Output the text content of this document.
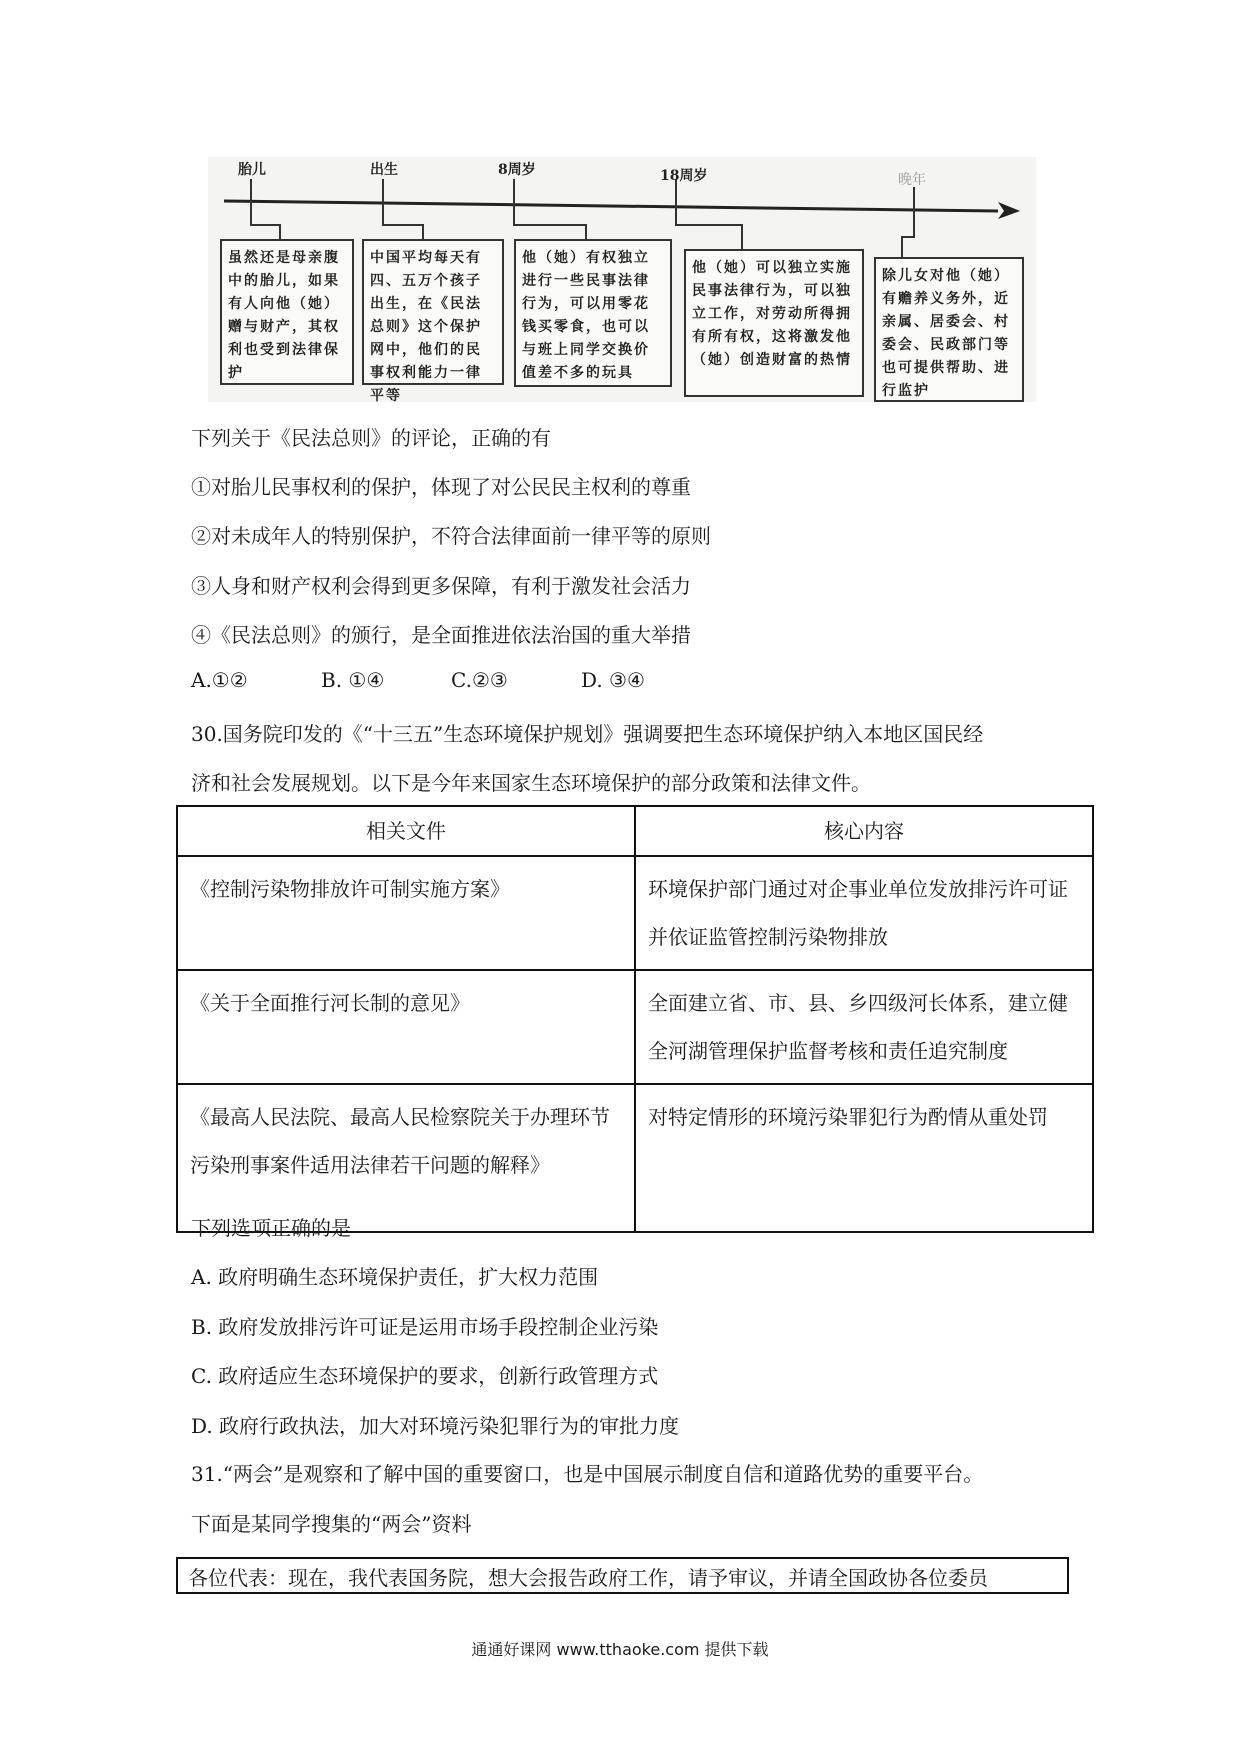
胎儿	出生	8周岁	18周岁	晚年
虽然还是母亲腹中的胎儿，如果有人向他（她）赠与财产，其权利也受到法律保护
中国平均每天有四、五万个孩子出生，在《民法总则》这个保护网中，他们的民事权利能力一律平等
他（她）有权独立进行一些民事法律行为，可以用零花钱买零食，也可以与班上同学交换价值差不多的玩具
他（她）可以独立实施民事法律行为，可以独立工作，对劳动所得拥有所有权，这将激发他（她）创造财富的热情
除儿女对他（她）有赡养义务外，近亲属、居委会、村委会、民政部门等也可提供帮助、进行监护
下列关于《民法总则》的评论，正确的有
①对胎儿民事权利的保护，体现了对公民民主权利的尊重
②对未成年人的特别保护，不符合法律面前一律平等的原则
③人身和财产权利会得到更多保障，有利于激发社会活力
④《民法总则》的颁行，是全面推进依法治国的重大举措
A.①②	B. ①④	C.②③	D. ③④
30.国务院印发的《“十三五”生态环境保护规划》强调要把生态环境保护纳入本地区国民经
济和社会发展规划。以下是今年来国家生态环境保护的部分政策和法律文件。
相关文件	核心内容
《控制污染物排放许可制实施方案》	环境保护部门通过对企事业单位发放排污许可证并依证监管控制污染物排放
《关于全面推行河长制的意见》	全面建立省、市、县、乡四级河长体系，建立健全河湖管理保护监督考核和责任追究制度
《最高人民法院、最高人民检察院关于办理环节污染刑事案件适用法律若干问题的解释》	对特定情形的环境污染罪犯行为酌情从重处罚
下列选项正确的是
A. 政府明确生态环境保护责任，扩大权力范围
B. 政府发放排污许可证是运用市场手段控制企业污染
C. 政府适应生态环境保护的要求，创新行政管理方式
D. 政府行政执法，加大对环境污染犯罪行为的审批力度
31.“两会”是观察和了解中国的重要窗口，也是中国展示制度自信和道路优势的重要平台。
下面是某同学搜集的“两会”资料
各位代表：现在，我代表国务院，想大会报告政府工作，请予审议，并请全国政协各位委员
通通好课网 www.tthaoke.com 提供下载
